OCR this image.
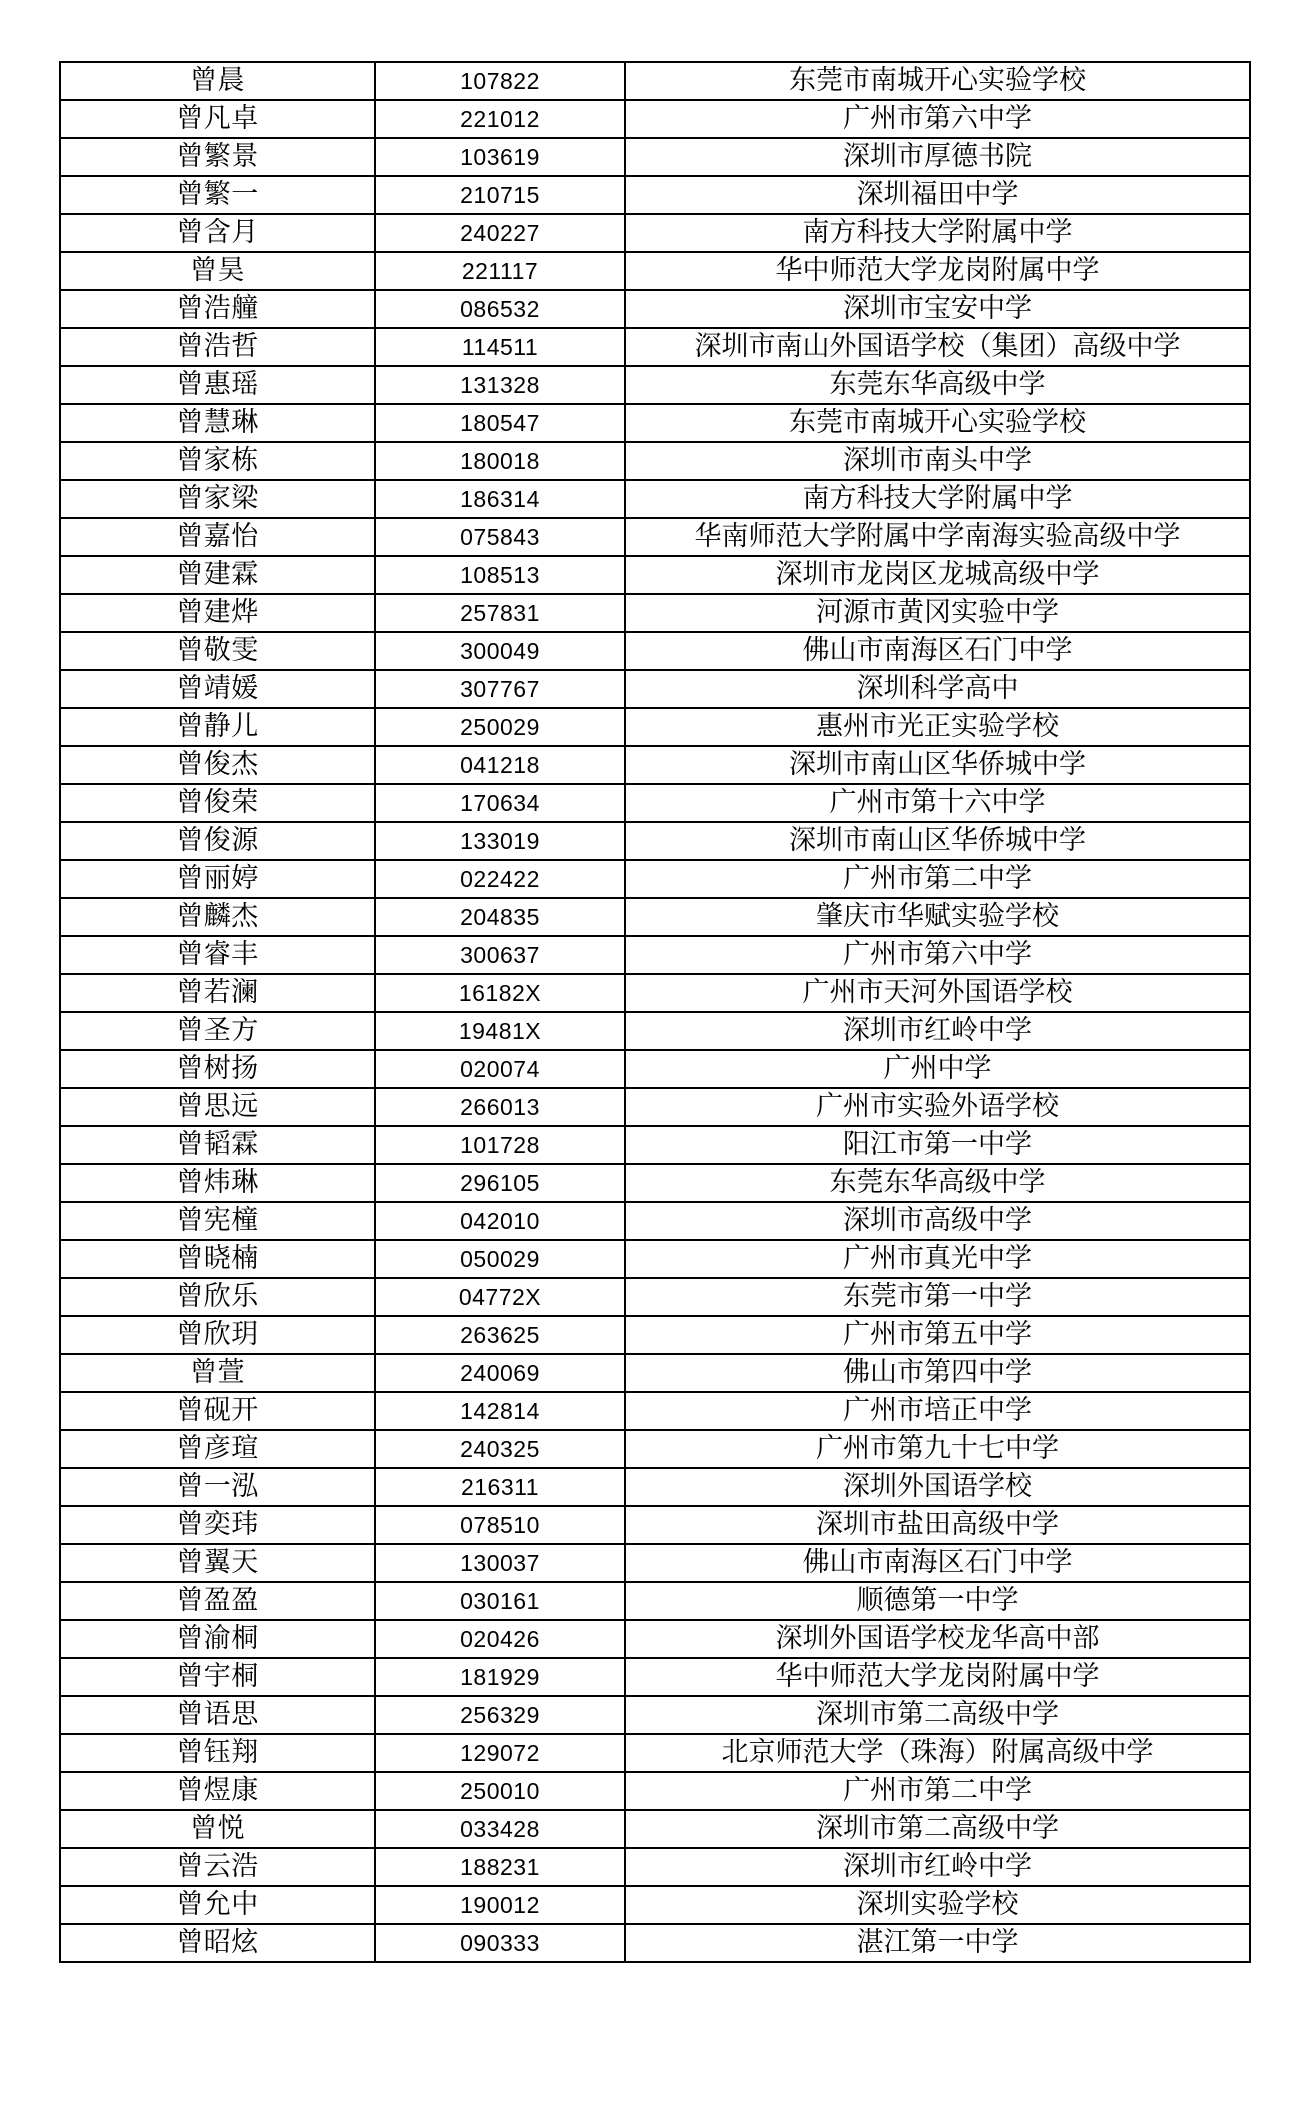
曾晨	107822	东莞市南城开心实验学校
曾凡卓	221012	广州市第六中学
曾繁景	103619	深圳市厚德书院
曾繁一	210715	深圳福田中学
曾含月	240227	南方科技大学附属中学
曾昊	221117	华中师范大学龙岗附属中学
曾浩艟	086532	深圳市宝安中学
曾浩哲	114511	深圳市南山外国语学校（集团）高级中学
曾惠瑶	131328	东莞东华高级中学
曾慧琳	180547	东莞市南城开心实验学校
曾家栋	180018	深圳市南头中学
曾家梁	186314	南方科技大学附属中学
曾嘉怡	075843	华南师范大学附属中学南海实验高级中学
曾建霖	108513	深圳市龙岗区龙城高级中学
曾建烨	257831	河源市黄冈实验中学
曾敬雯	300049	佛山市南海区石门中学
曾靖媛	307767	深圳科学高中
曾静儿	250029	惠州市光正实验学校
曾俊杰	041218	深圳市南山区华侨城中学
曾俊荣	170634	广州市第十六中学
曾俊源	133019	深圳市南山区华侨城中学
曾丽婷	022422	广州市第二中学
曾麟杰	204835	肇庆市华赋实验学校
曾睿丰	300637	广州市第六中学
曾若澜	16182X	广州市天河外国语学校
曾圣方	19481X	深圳市红岭中学
曾树扬	020074	广州中学
曾思远	266013	广州市实验外语学校
曾韬霖	101728	阳江市第一中学
曾炜琳	296105	东莞东华高级中学
曾宪橦	042010	深圳市高级中学
曾晓楠	050029	广州市真光中学
曾欣乐	04772X	东莞市第一中学
曾欣玥	263625	广州市第五中学
曾萱	240069	佛山市第四中学
曾砚开	142814	广州市培正中学
曾彦瑄	240325	广州市第九十七中学
曾一泓	216311	深圳外国语学校
曾奕玮	078510	深圳市盐田高级中学
曾翼天	130037	佛山市南海区石门中学
曾盈盈	030161	顺德第一中学
曾渝桐	020426	深圳外国语学校龙华高中部
曾宇桐	181929	华中师范大学龙岗附属中学
曾语思	256329	深圳市第二高级中学
曾钰翔	129072	北京师范大学（珠海）附属高级中学
曾煜康	250010	广州市第二中学
曾悦	033428	深圳市第二高级中学
曾云浩	188231	深圳市红岭中学
曾允中	190012	深圳实验学校
曾昭炫	090333	湛江第一中学
